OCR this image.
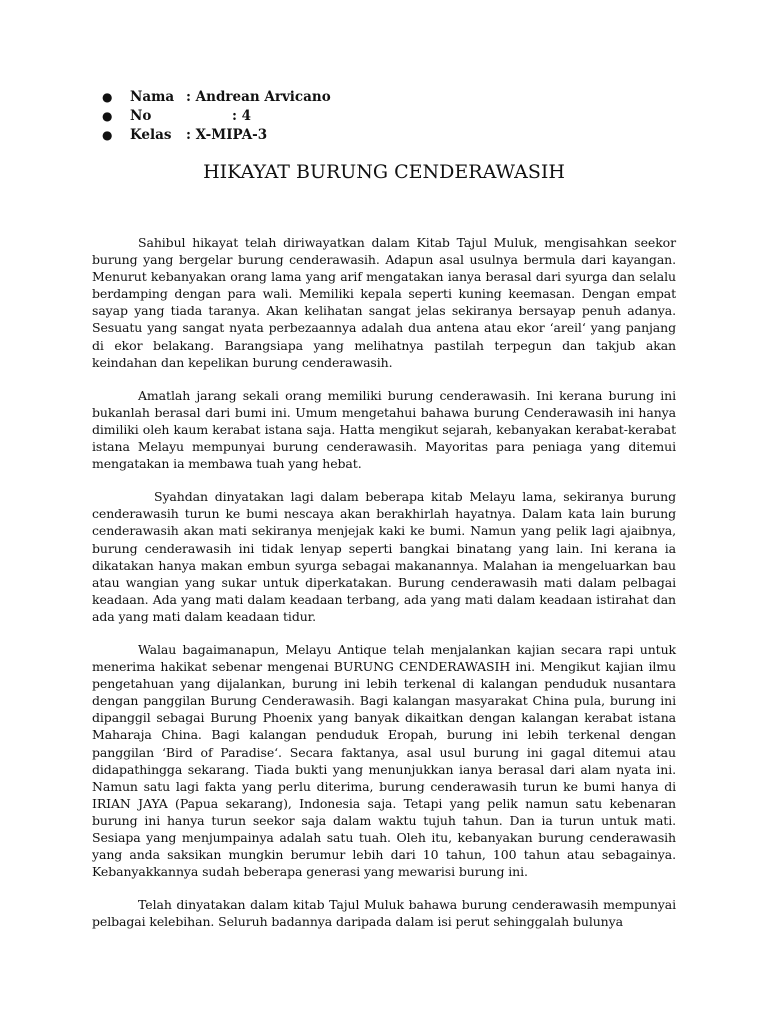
● Nama : Andrean Arvicano
● No	: 4
● Kelas : X-MIPA-3
HIKAYAT BURUNG CENDERAWASIH

Sahibul hikayat telah diriwayatkan dalam Kitab Tajul Muluk, mengisahkan seekor burung yang bergelar burung cenderawasih. Adapun asal usulnya bermula dari kayangan. Menurut kebanyakan orang lama yang arif mengatakan ianya berasal dari syurga dan selalu berdamping dengan para wali. Memiliki kepala seperti kuning keemasan. Dengan empat sayap yang tiada taranya. Akan kelihatan sangat jelas sekiranya bersayap penuh adanya. Sesuatu yang sangat nyata perbezaannya adalah dua antena atau ekor ‘areil‘ yang panjang di ekor belakang. Barangsiapa yang melihatnya pastilah terpegun dan takjub akan keindahan dan kepelikan burung cenderawasih.

Amatlah jarang sekali orang memiliki burung cenderawasih. Ini kerana burung ini bukanlah berasal dari bumi ini. Umum mengetahui bahawa burung Cenderawasih ini hanya dimiliki oleh kaum kerabat istana saja. Hatta mengikut sejarah, kebanyakan kerabat-kerabat istana Melayu mempunyai burung cenderawasih. Mayoritas para peniaga yang ditemui mengatakan ia membawa tuah yang hebat.

Syahdan dinyatakan lagi dalam beberapa kitab Melayu lama, sekiranya burung cenderawasih turun ke bumi nescaya akan berakhirlah hayatnya. Dalam kata lain burung cenderawasih akan mati sekiranya menjejak kaki ke bumi. Namun yang pelik lagi ajaibnya, burung cenderawasih ini tidak lenyap seperti bangkai binatang yang lain. Ini kerana ia dikatakan hanya makan embun syurga sebagai makanannya. Malahan ia mengeluarkan bau atau wangian yang sukar untuk diperkatakan. Burung cenderawasih mati dalam pelbagai keadaan. Ada yang mati dalam keadaan terbang, ada yang mati dalam keadaan istirahat dan ada yang mati dalam keadaan tidur.

Walau bagaimanapun, Melayu Antique telah menjalankan kajian secara rapi untuk menerima hakikat sebenar mengenai BURUNG CENDERAWASIH ini. Mengikut kajian ilmu pengetahuan yang dijalankan, burung ini lebih terkenal di kalangan penduduk nusantara dengan panggilan Burung Cenderawasih. Bagi kalangan masyarakat China pula, burung ini dipanggil sebagai Burung Phoenix yang banyak dikaitkan dengan kalangan kerabat istana Maharaja China. Bagi kalangan penduduk Eropah, burung ini lebih terkenal dengan panggilan ‘Bird of Paradise‘. Secara faktanya, asal usul burung ini gagal ditemui atau didapathingga sekarang. Tiada bukti yang menunjukkan ianya berasal dari alam nyata ini. Namun satu lagi fakta yang perlu diterima, burung cenderawasih turun ke bumi hanya di IRIAN JAYA (Papua sekarang), Indonesia saja. Tetapi yang pelik namun satu kebenaran burung ini hanya turun seekor saja dalam waktu tujuh tahun. Dan ia turun untuk mati. Sesiapa yang menjumpainya adalah satu tuah. Oleh itu, kebanyakan burung cenderawasih yang anda saksikan mungkin berumur lebih dari 10 tahun, 100 tahun atau sebagainya. Kebanyakkannya sudah beberapa generasi yang mewarisi burung ini.

Telah dinyatakan dalam kitab Tajul Muluk bahawa burung cenderawasih mempunyai pelbagai kelebihan. Seluruh badannya daripada dalam isi perut sehinggalah bulunya
